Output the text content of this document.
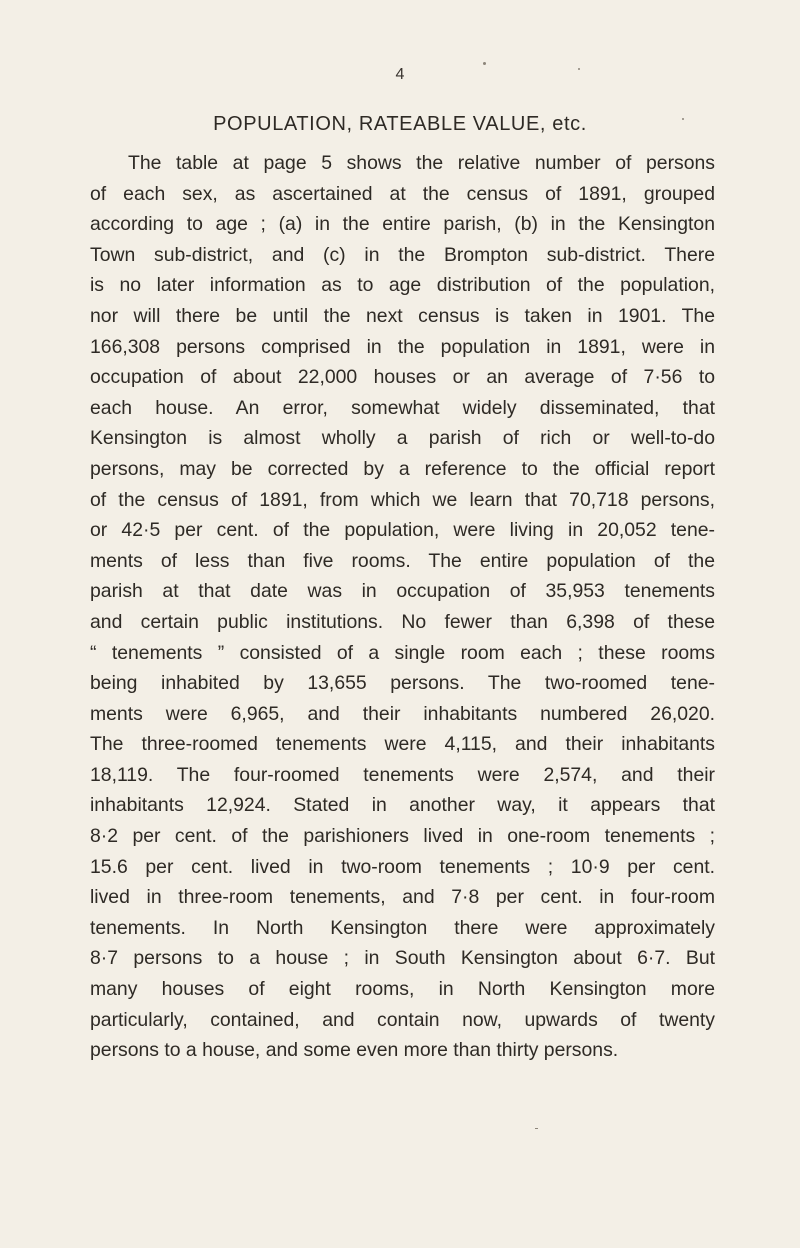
4
POPULATION, RATEABLE VALUE, etc.
The table at page 5 shows the relative number of persons
of each sex, as ascertained at the census of 1891, grouped
according to age ; (a) in the entire parish, (b) in the Kensington
Town sub-district, and (c) in the Brompton sub-district. There
is no later information as to age distribution of the population,
nor will there be until the next census is taken in 1901. The
166,308 persons comprised in the population in 1891, were in
occupation of about 22,000 houses or an average of 7·56 to
each house. An error, somewhat widely disseminated, that
Kensington is almost wholly a parish of rich or well-to-do
persons, may be corrected by a reference to the official report
of the census of 1891, from which we learn that 70,718 persons,
or 42·5 per cent. of the population, were living in 20,052 tene-
ments of less than five rooms. The entire population of the
parish at that date was in occupation of 35,953 tenements
and certain public institutions. No fewer than 6,398 of these
“ tenements ” consisted of a single room each ; these rooms
being inhabited by 13,655 persons. The two-roomed tene-
ments were 6,965, and their inhabitants numbered 26,020.
The three-roomed tenements were 4,115, and their inhabitants
18,119. The four-roomed tenements were 2,574, and their
inhabitants 12,924. Stated in another way, it appears that
8·2 per cent. of the parishioners lived in one-room tenements ;
15.6 per cent. lived in two-room tenements ; 10·9 per cent.
lived in three-room tenements, and 7·8 per cent. in four-room
tenements. In North Kensington there were approximately
8·7 persons to a house ; in South Kensington about 6·7. But
many houses of eight rooms, in North Kensington more
particularly, contained, and contain now, upwards of twenty
persons to a house, and some even more than thirty persons.
